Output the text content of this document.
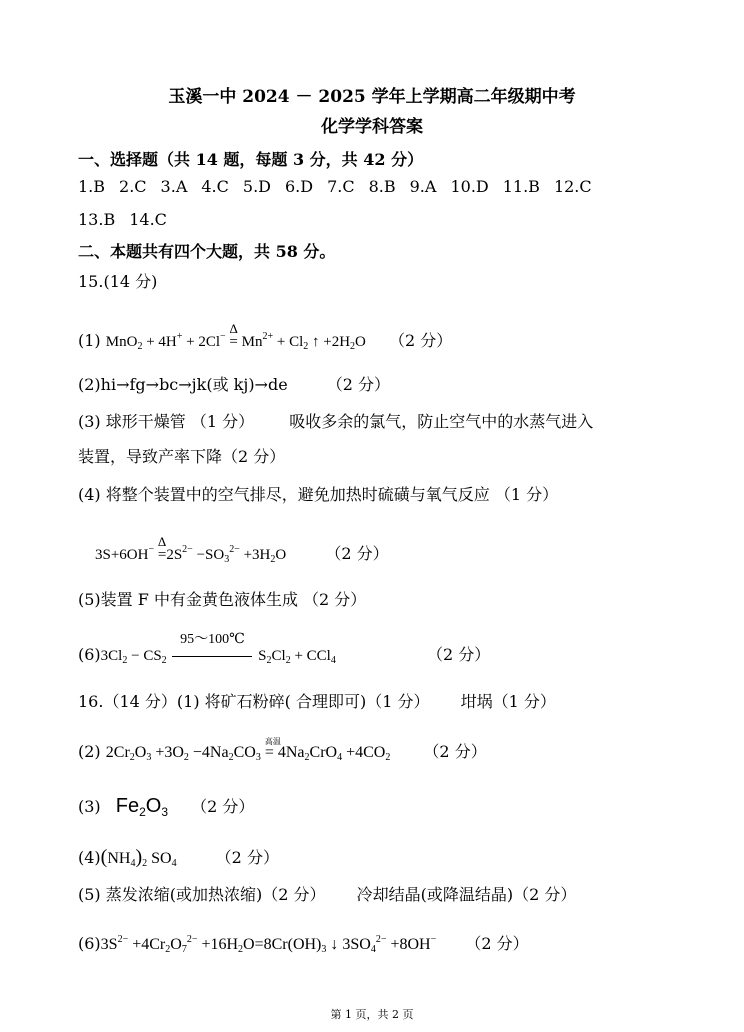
玉溪一中 2024 － 2025 学年上学期高二年级期中考
化学学科答案
一、选择题（共 14 题，每题 3 分，共 42 分）
1.B 2.C 3.A 4.C 5.D 6.D 7.C 8.B 9.A 10.D 11.B 12.C
13.B 14.C
二、本题共有四个大题，共 58 分。
15.(14 分)
(1) MnO$_2$ + 4H+ + 2Cl−
Δ
= $Mn^{2+} + Cl_2$ ↑ $+2H_2O$ （2 分）
(2)hi→fg→bc→jk(或 kj)→de （2 分）
(3) 球形干燥管 （1 分） 吸收多余的氯气，防止空气中的水蒸气进入
装置，导致产率下降（2 分）
(4) 将整个装置中的空气排尽，避免加热时硫磺与氧气反应 （1 分）
3S+6OH−
Δ
$=2S^{2-} -SO_3^{2-} +3H_2O$ （2 分）
(5)装置 F 中有金黄色液体生成 （2 分）
$(6)3Cl_2 - CS_2$
95～100℃
$S_2Cl_2 + CCl_4$	（2 分）
16.（14 分）(1) 将矿石粉碎( 合理即可)（1 分） 坩埚（1 分）
(2) $2Cr_2O_3 +3O_2 -4Na_2CO_3$
高温
= $4Na_2CrO_4 +4CO_2$ （2 分）
(3) $Fe_2O_3$ （2 分）
$(4)(NH_4)_2$ $SO_4$ （2 分）
(5) 蒸发浓缩(或加热浓缩)（2 分） 冷却结晶(或降温结晶)（2 分）
$(6)3S^{2-} +4Cr_2O_7^{2-} +16H_2O=8Cr(OH)_3$ ↓ $3SO_4^{2-} +8OH^-$ （2 分）
第 1 页，共 2 页
